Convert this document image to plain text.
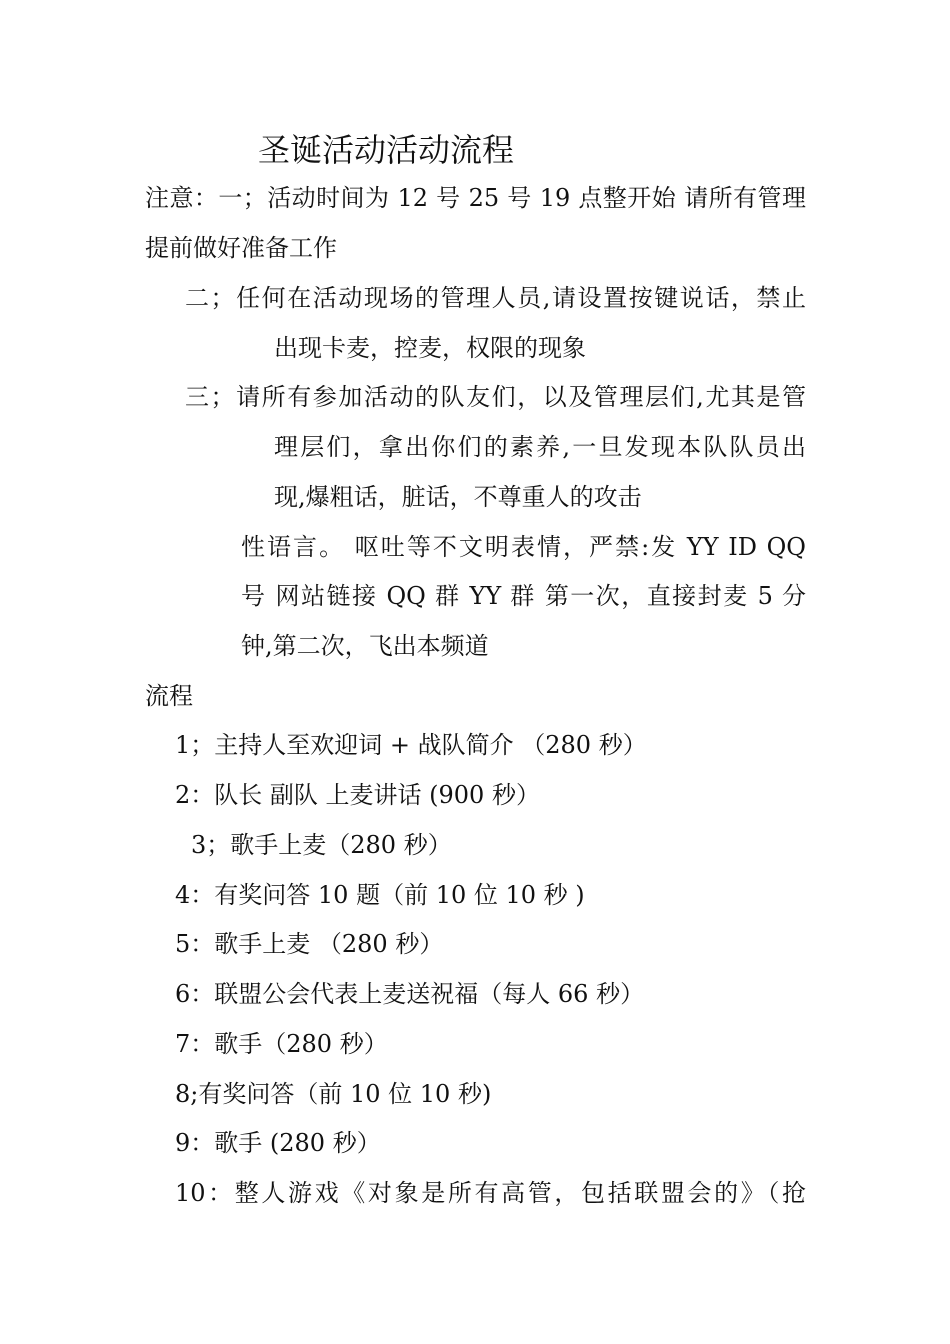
圣诞活动活动流程
注意：一；活动时间为 12 号 25 号 19 点整开始 请所有管理
提前做好准备工作
二；任何在活动现场的管理人员,请设置按键说话，禁止
出现卡麦，控麦，权限的现象
三；请所有参加活动的队友们，以及管理层们,尤其是管
理层们，拿出你们的素养,一旦发现本队队员出
现,爆粗话，脏话，不尊重人的攻击
性语言。 呕吐等不文明表情，严禁:发 YY ID QQ
号 网站链接 QQ 群 YY 群 第一次，直接封麦 5 分
钟,第二次，飞出本频道
流程
1；主持人至欢迎词 + 战队简介 （280 秒）
2：队长 副队 上麦讲话 (900 秒）
3；歌手上麦（280 秒）
4：有奖问答 10 题（前 10 位 10 秒 )
5：歌手上麦 （280 秒）
6：联盟公会代表上麦送祝福（每人 66 秒）
7：歌手（280 秒）
8;有奖问答（前 10 位 10 秒)
9：歌手 (280 秒）
10：整人游戏《对象是所有高管，包括联盟会的》（抢
